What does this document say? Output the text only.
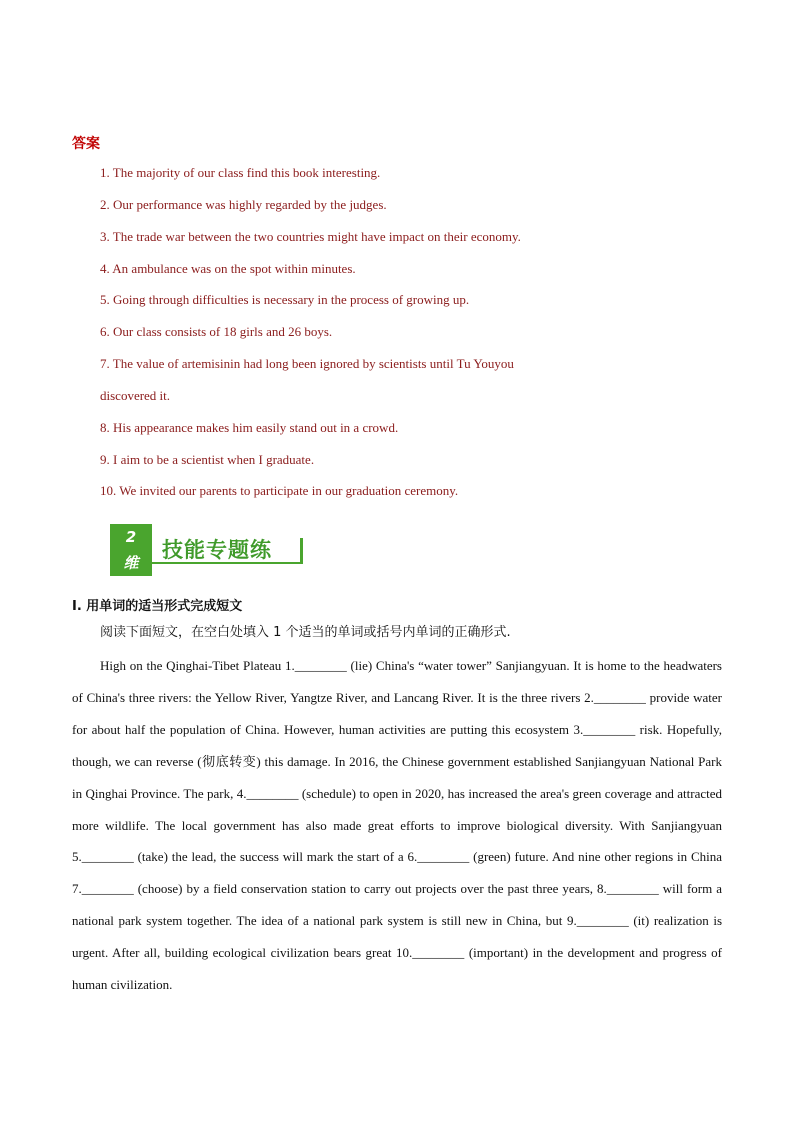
答案
1. The majority of our class find this book interesting.
2. Our performance was highly regarded by the judges.
3. The trade war between the two countries might have impact on their economy.
4. An ambulance was on the spot within minutes.
5. Going through difficulties is necessary in the process of growing up.
6. Our class consists of 18 girls and 26 boys.
7. The value of artemisinin had long been ignored by scientists until Tu Youyou
discovered it.
8. His appearance makes him easily stand out in a crowd.
9. I aim to be a scientist when I graduate.
10. We invited our parents to participate in our graduation ceremony.
2
维
技能专题练
I. 用单词的适当形式完成短文
阅读下面短文，在空白处填入 1 个适当的单词或括号内单词的正确形式.
High on the Qinghai-Tibet Plateau 1.________ (lie) China's “water tower” Sanjiangyuan. It is home to the headwaters of China's three rivers: the Yellow River, Yangtze River, and Lancang River. It is the three rivers 2.________ provide water for about half the population of China. However, human activities are putting this ecosystem 3.________ risk. Hopefully, though, we can reverse (彻底转变) this damage. In 2016, the Chinese government established Sanjiangyuan National Park in Qinghai Province. The park, 4.________ (schedule) to open in 2020, has increased the area's green coverage and attracted more wildlife. The local government has also made great efforts to improve biological diversity. With Sanjiangyuan 5.________ (take) the lead, the success will mark the start of a 6.________ (green) future. And nine other regions in China 7.________ (choose) by a field conservation station to carry out projects over the past three years, 8.________ will form a national park system together. The idea of a national park system is still new in China, but 9.________ (it) realization is urgent. After all, building ecological civilization bears great 10.________ (important) in the development and progress of human civilization.
